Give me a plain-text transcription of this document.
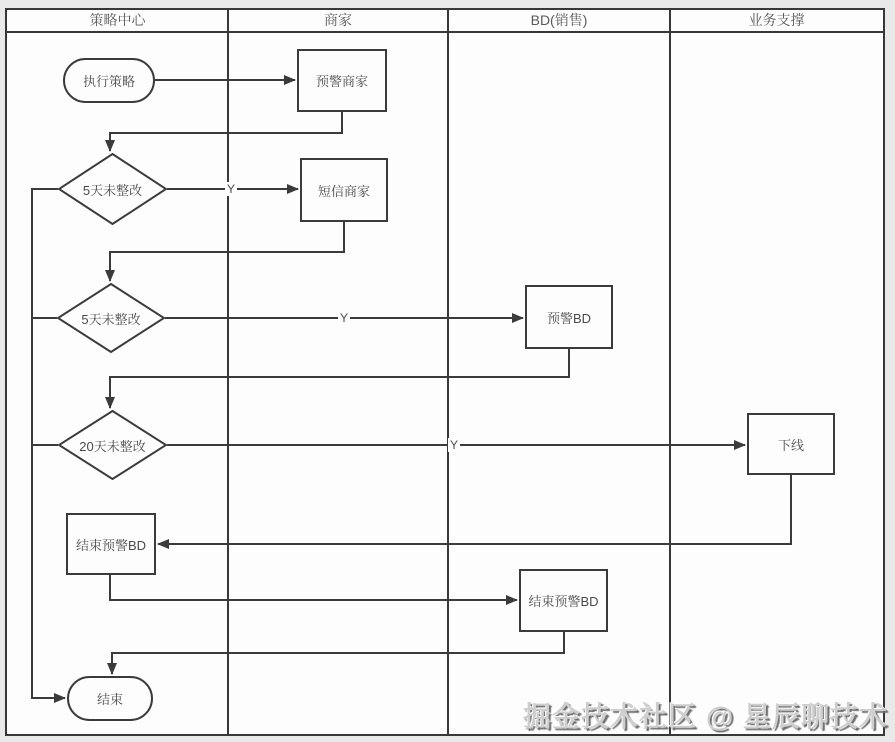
策略中心	商家	BD(销售)	业务支撑
执行策略	预警商家
5天未整改	短信商家
5天未整改	预警BD
20天未整改	下线
结束预警BD
结束预警BD
结束
Y
Y
Y
掘金技术社区 @ 星辰聊技术
